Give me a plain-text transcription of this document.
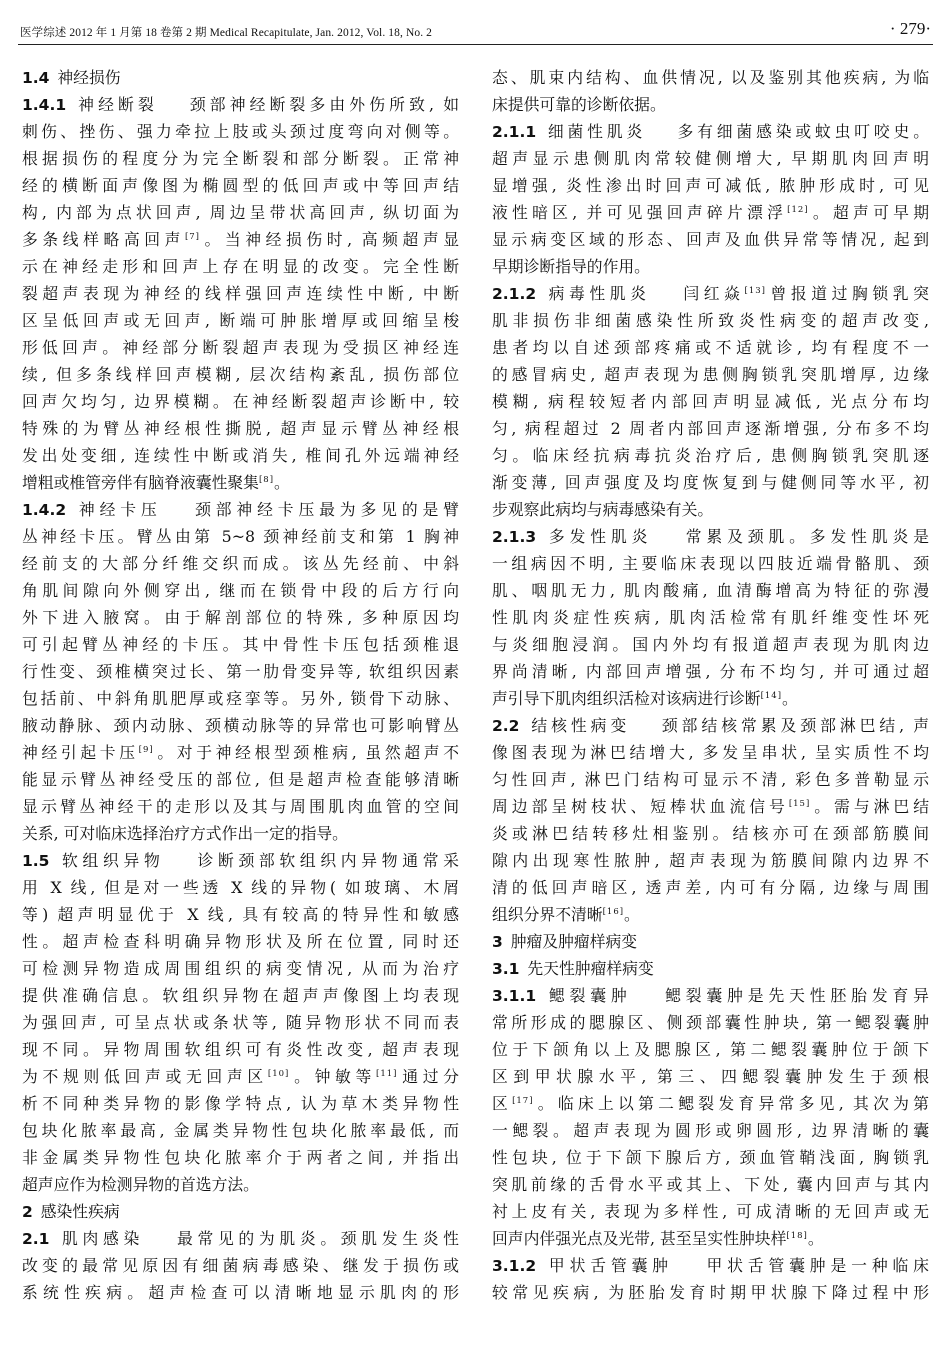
医学综述 2012 年 1 月第 18 卷第 2 期 Medical Recapitulate, Jan. 2012, Vol. 18, No. 2	· 279·
1.4  神经损伤
1.4.1  神经断裂　  颈部神经断裂多由外伤所致, 如
刺伤、挫伤、强力牵拉上肢或头颈过度弯向对侧等。
根据损伤的程度分为完全断裂和部分断裂。正常神
经的横断面声像图为椭圆型的低回声或中等回声结
构, 内部为点状回声, 周边呈带状高回声, 纵切面为
多条线样略高回声[7]。当神经损伤时, 高频超声显
示在神经走形和回声上存在明显的改变。完全性断
裂超声表现为神经的线样强回声连续性中断, 中断
区呈低回声或无回声, 断端可肿胀增厚或回缩呈梭
形低回声。神经部分断裂超声表现为受损区神经连
续, 但多条线样回声模糊, 层次结构紊乱, 损伤部位
回声欠均匀, 边界模糊。在神经断裂超声诊断中, 较
特殊的为臂丛神经根性撕脱, 超声显示臂丛神经根
发出处变细, 连续性中断或消失, 椎间孔外远端神经
增粗或椎管旁伴有脑脊液囊性聚集[8]。
1.4.2  神经卡压　  颈部神经卡压最为多见的是臂
丛神经卡压。臂丛由第 5~8 颈神经前支和第 1 胸神
经前支的大部分纤维交织而成。该丛先经前、中斜
角肌间隙向外侧穿出, 继而在锁骨中段的后方行向
外下进入腋窝。由于解剖部位的特殊, 多种原因均
可引起臂丛神经的卡压。其中骨性卡压包括颈椎退
行性变、颈椎横突过长、第一肋骨变异等, 软组织因素
包括前、中斜角肌肥厚或痉挛等。另外, 锁骨下动脉、
腋动静脉、颈内动脉、颈横动脉等的异常也可影响臂丛
神经引起卡压[9]。对于神经根型颈椎病, 虽然超声不
能显示臂丛神经受压的部位, 但是超声检查能够清晰
显示臂丛神经干的走形以及其与周围肌肉血管的空间
关系, 可对临床选择治疗方式作出一定的指导。
1.5  软组织异物　  诊断颈部软组织内异物通常采
用 X 线, 但是对一些透 X 线的异物( 如玻璃、木屑
等) 超声明显优于 X 线, 具有较高的特异性和敏感
性。超声检查科明确异物形状及所在位置, 同时还
可检测异物造成周围组织的病变情况, 从而为治疗
提供准确信息。软组织异物在超声声像图上均表现
为强回声, 可呈点状或条状等, 随异物形状不同而表
现不同。异物周围软组织可有炎性改变, 超声表现
为不规则低回声或无回声区[10]。钟敏等[11]通过分
析不同种类异物的影像学特点, 认为草木类异物性
包块化脓率最高, 金属类异物性包块化脓率最低, 而
非金属类异物性包块化脓率介于两者之间, 并指出
超声应作为检测异物的首选方法。
2  感染性疾病
2.1  肌肉感染　  最常见的为肌炎。颈肌发生炎性
改变的最常见原因有细菌病毒感染、继发于损伤或
系统性疾病。超声检查可以清晰地显示肌肉的形
态、肌束内结构、血供情况, 以及鉴别其他疾病, 为临
床提供可靠的诊断依据。
2.1.1  细菌性肌炎　  多有细菌感染或蚊虫叮咬史。
超声显示患侧肌肉常较健侧增大, 早期肌肉回声明
显增强, 炎性渗出时回声可减低, 脓肿形成时, 可见
液性暗区, 并可见强回声碎片漂浮[12]。超声可早期
显示病变区域的形态、回声及血供异常等情况, 起到
早期诊断指导的作用。
2.1.2  病毒性肌炎　  闫红焱[13]曾报道过胸锁乳突
肌非损伤非细菌感染性所致炎性病变的超声改变,
患者均以自述颈部疼痛或不适就诊, 均有程度不一
的感冒病史, 超声表现为患侧胸锁乳突肌增厚, 边缘
模糊, 病程较短者内部回声明显减低, 光点分布均
匀, 病程超过 2 周者内部回声逐渐增强, 分布多不均
匀。临床经抗病毒抗炎治疗后, 患侧胸锁乳突肌逐
渐变薄, 回声强度及均度恢复到与健侧同等水平, 初
步观察此病均与病毒感染有关。
2.1.3  多发性肌炎　  常累及颈肌。多发性肌炎是
一组病因不明, 主要临床表现以四肢近端骨骼肌、颈
肌、咽肌无力, 肌肉酸痛, 血清酶增高为特征的弥漫
性肌肉炎症性疾病, 肌肉活检常有肌纤维变性坏死
与炎细胞浸润。国内外均有报道超声表现为肌肉边
界尚清晰, 内部回声增强, 分布不均匀, 并可通过超
声引导下肌肉组织活检对该病进行诊断[14]。
2.2  结核性病变　  颈部结核常累及颈部淋巴结, 声
像图表现为淋巴结增大, 多发呈串状, 呈实质性不均
匀性回声, 淋巴门结构可显示不清, 彩色多普勒显示
周边部呈树枝状、短棒状血流信号[15]。需与淋巴结
炎或淋巴结转移灶相鉴别。结核亦可在颈部筋膜间
隙内出现寒性脓肿, 超声表现为筋膜间隙内边界不
清的低回声暗区, 透声差, 内可有分隔, 边缘与周围
组织分界不清晰[16]。
3  肿瘤及肿瘤样病变
3.1  先天性肿瘤样病变
3.1.1  鳃裂囊肿　  鳃裂囊肿是先天性胚胎发育异
常所形成的腮腺区、侧颈部囊性肿块, 第一鳃裂囊肿
位于下颌角以上及腮腺区, 第二鳃裂囊肿位于颌下
区到甲状腺水平, 第三、四鳃裂囊肿发生于颈根
区[17]。临床上以第二鳃裂发育异常多见, 其次为第
一鳃裂。超声表现为圆形或卵圆形, 边界清晰的囊
性包块, 位于下颌下腺后方, 颈血管鞘浅面, 胸锁乳
突肌前缘的舌骨水平或其上、下处, 囊内回声与其内
衬上皮有关, 表现为多样性, 可成清晰的无回声或无
回声内伴强光点及光带, 甚至呈实性肿块样[18]。
3.1.2  甲状舌管囊肿　  甲状舌管囊肿是一种临床
较常见疾病, 为胚胎发育时期甲状腺下降过程中形
